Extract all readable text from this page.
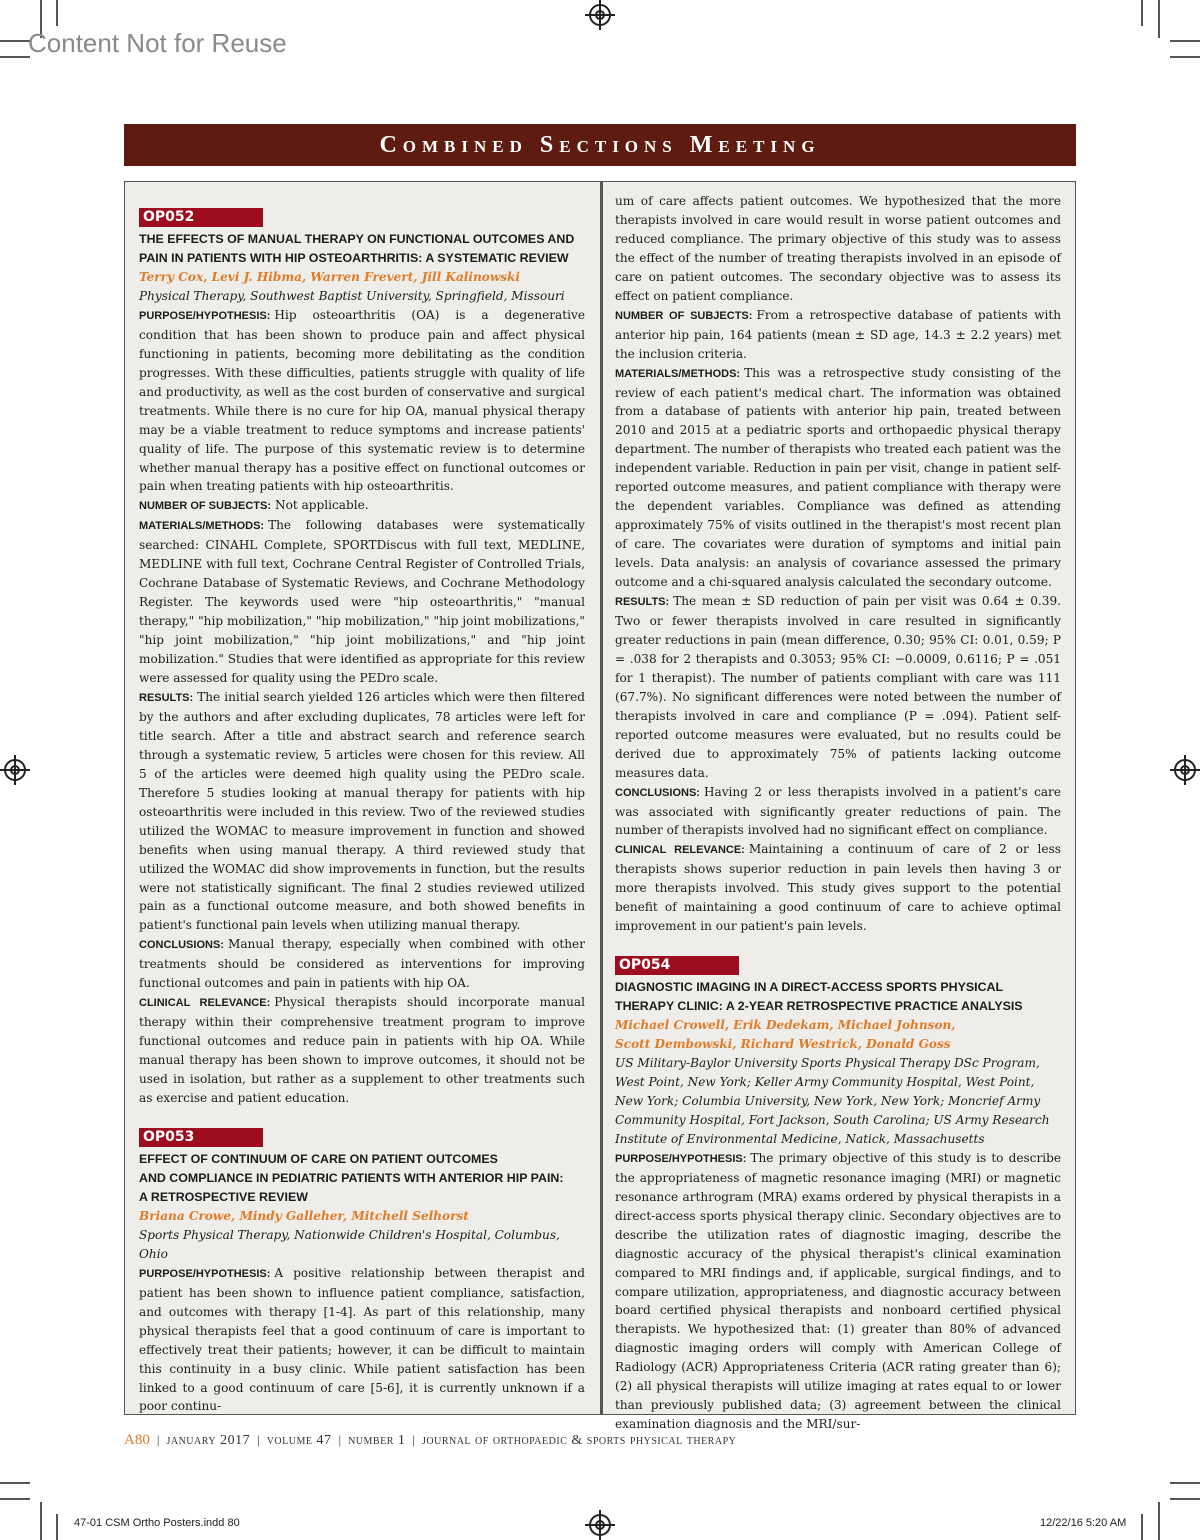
Content Not for Reuse
Combined Sections Meeting
OP052

THE EFFECTS OF MANUAL THERAPY ON FUNCTIONAL OUTCOMES AND PAIN IN PATIENTS WITH HIP OSTEOARTHRITIS: A SYSTEMATIC REVIEW

Terry Cox, Levi J. Hibma, Warren Frevert, Jill Kalinowski

Physical Therapy, Southwest Baptist University, Springfield, Missouri

PURPOSE/HYPOTHESIS: Hip osteoarthritis (OA) is a degenerative condition that has been shown to produce pain and affect physical functioning in patients, becoming more debilitating as the condition progresses. With these difficulties, patients struggle with quality of life and productivity, as well as the cost burden of conservative and surgical treatments. While there is no cure for hip OA, manual physical therapy may be a viable treatment to reduce symptoms and increase patients' quality of life. The purpose of this systematic review is to determine whether manual therapy has a positive effect on functional outcomes or pain when treating patients with hip osteoarthritis.

NUMBER OF SUBJECTS: Not applicable.

MATERIALS/METHODS: The following databases were systematically searched: CINAHL Complete, SPORTDiscus with full text, MEDLINE, MEDLINE with full text, Cochrane Central Register of Controlled Trials, Cochrane Database of Systematic Reviews, and Cochrane Methodology Register. The keywords used were "hip osteoarthritis," "manual therapy," "hip mobilization," "hip mobilization," "hip joint mobilizations," "hip joint mobilization," "hip joint mobilizations," and "hip joint mobilization." Studies that were identified as appropriate for this review were assessed for quality using the PEDro scale.

RESULTS: The initial search yielded 126 articles which were then filtered by the authors and after excluding duplicates, 78 articles were left for title search. After a title and abstract search and reference search through a systematic review, 5 articles were chosen for this review. All 5 of the articles were deemed high quality using the PEDro scale. Therefore 5 studies looking at manual therapy for patients with hip osteoarthritis were included in this review. Two of the reviewed studies utilized the WOMAC to measure improvement in function and showed benefits when using manual therapy. A third reviewed study that utilized the WOMAC did show improvements in function, but the results were not statistically significant. The final 2 studies reviewed utilized pain as a functional outcome measure, and both showed benefits in patient's functional pain levels when utilizing manual therapy.

CONCLUSIONS: Manual therapy, especially when combined with other treatments should be considered as interventions for improving functional outcomes and pain in patients with hip OA.

CLINICAL RELEVANCE: Physical therapists should incorporate manual therapy within their comprehensive treatment program to improve functional outcomes and reduce pain in patients with hip OA. While manual therapy has been shown to improve outcomes, it should not be used in isolation, but rather as a supplement to other treatments such as exercise and patient education.

OP053

EFFECT OF CONTINUUM OF CARE ON PATIENT OUTCOMES
AND COMPLIANCE IN PEDIATRIC PATIENTS WITH ANTERIOR HIP PAIN:
A RETROSPECTIVE REVIEW

Briana Crowe, Mindy Galleher, Mitchell Selhorst

Sports Physical Therapy, Nationwide Children's Hospital, Columbus, Ohio

PURPOSE/HYPOTHESIS: A positive relationship between therapist and patient has been shown to influence patient compliance, satisfaction, and outcomes with therapy [1-4]. As part of this relationship, many physical therapists feel that a good continuum of care is important to effectively treat their patients; however, it can be difficult to maintain this continuity in a busy clinic. While patient satisfaction has been linked to a good continuum of care [5-6], it is currently unknown if a poor continu-

um of care affects patient outcomes. We hypothesized that the more therapists involved in care would result in worse patient outcomes and reduced compliance. The primary objective of this study was to assess the effect of the number of treating therapists involved in an episode of care on patient outcomes. The secondary objective was to assess its effect on patient compliance.

NUMBER OF SUBJECTS: From a retrospective database of patients with anterior hip pain, 164 patients (mean ± SD age, 14.3 ± 2.2 years) met the inclusion criteria.

MATERIALS/METHODS: This was a retrospective study consisting of the review of each patient's medical chart. The information was obtained from a database of patients with anterior hip pain, treated between 2010 and 2015 at a pediatric sports and orthopaedic physical therapy department. The number of therapists who treated each patient was the independent variable. Reduction in pain per visit, change in patient self-reported outcome measures, and patient compliance with therapy were the dependent variables. Compliance was defined as attending approximately 75% of visits outlined in the therapist's most recent plan of care. The covariates were duration of symptoms and initial pain levels. Data analysis: an analysis of covariance assessed the primary outcome and a chi-squared analysis calculated the secondary outcome.

RESULTS: The mean ± SD reduction of pain per visit was 0.64 ± 0.39. Two or fewer therapists involved in care resulted in significantly greater reductions in pain (mean difference, 0.30; 95% CI: 0.01, 0.59; P = .038 for 2 therapists and 0.3053; 95% CI: −0.0009, 0.6116; P = .051 for 1 therapist). The number of patients compliant with care was 111 (67.7%). No significant differences were noted between the number of therapists involved in care and compliance (P = .094). Patient self-reported outcome measures were evaluated, but no results could be derived due to approximately 75% of patients lacking outcome measures data.

CONCLUSIONS: Having 2 or less therapists involved in a patient's care was associated with significantly greater reductions of pain. The number of therapists involved had no significant effect on compliance.

CLINICAL RELEVANCE: Maintaining a continuum of care of 2 or less therapists shows superior reduction in pain levels then having 3 or more therapists involved. This study gives support to the potential benefit of maintaining a good continuum of care to achieve optimal improvement in our patient's pain levels.

OP054

DIAGNOSTIC IMAGING IN A DIRECT-ACCESS SPORTS PHYSICAL THERAPY CLINIC: A 2-YEAR RETROSPECTIVE PRACTICE ANALYSIS

Michael Crowell, Erik Dedekam, Michael Johnson,
Scott Dembowski, Richard Westrick, Donald Goss

US Military-Baylor University Sports Physical Therapy DSc Program, West Point, New York; Keller Army Community Hospital, West Point, New York; Columbia University, New York, New York; Moncrief Army Community Hospital, Fort Jackson, South Carolina; US Army Research Institute of Environmental Medicine, Natick, Massachusetts

PURPOSE/HYPOTHESIS: The primary objective of this study is to describe the appropriateness of magnetic resonance imaging (MRI) or magnetic resonance arthrogram (MRA) exams ordered by physical therapists in a direct-access sports physical therapy clinic. Secondary objectives are to describe the utilization rates of diagnostic imaging, describe the diagnostic accuracy of the physical therapist's clinical examination compared to MRI findings and, if applicable, surgical findings, and to compare utilization, appropriateness, and diagnostic accuracy between board certified physical therapists and nonboard certified physical therapists. We hypothesized that: (1) greater than 80% of advanced diagnostic imaging orders will comply with American College of Radiology (ACR) Appropriateness Criteria (ACR rating greater than 6); (2) all physical therapists will utilize imaging at rates equal to or lower than previously published data; (3) agreement between the clinical examination diagnosis and the MRI/sur-

A80 | january 2017 | volume 47 | number 1 | journal of orthopaedic & sports physical therapy
47-01 CSM Ortho Posters.indd 80	12/22/16 5:20 AM
